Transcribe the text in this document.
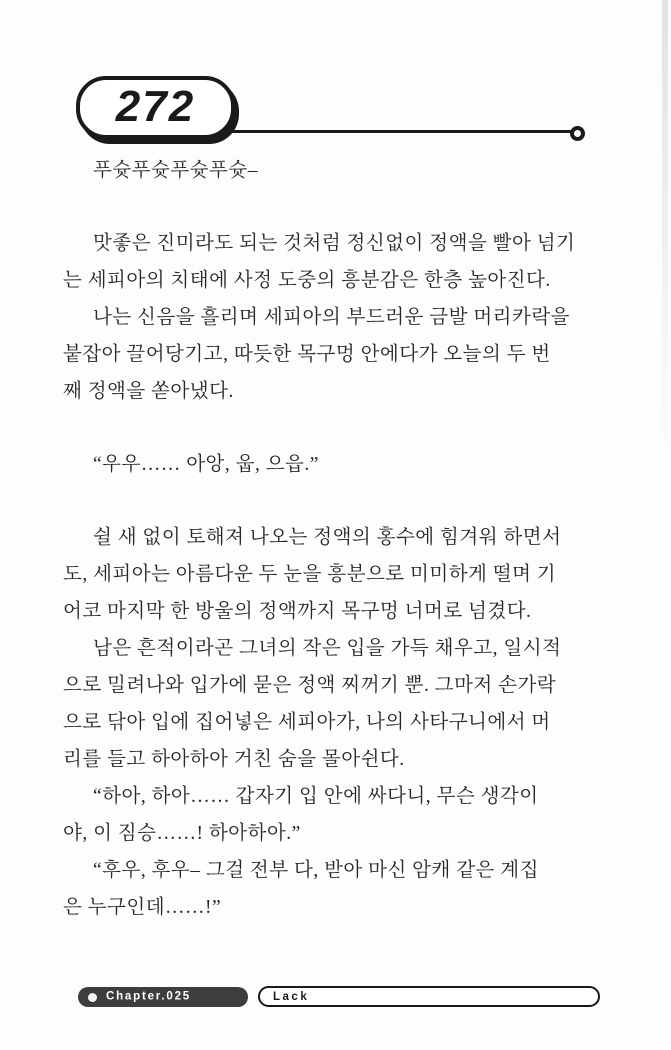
272
푸슛푸슛푸슛푸슛–
맛좋은 진미라도 되는 것처럼 정신없이 정액을 빨아 넘기
는 세피아의 치태에 사정 도중의 흥분감은 한층 높아진다.
나는 신음을 흘리며 세피아의 부드러운 금발 머리카락을
붙잡아 끌어당기고, 따듯한 목구멍 안에다가 오늘의 두 번
째 정액을 쏟아냈다.
“우우…… 아앙, 웁, 으읍.”
쉴 새 없이 토해져 나오는 정액의 홍수에 힘겨워 하면서
도, 세피아는 아름다운 두 눈을 흥분으로 미미하게 떨며 기
어코 마지막 한 방울의 정액까지 목구멍 너머로 넘겼다.
남은 흔적이라곤 그녀의 작은 입을 가득 채우고, 일시적
으로 밀려나와 입가에 묻은 정액 찌꺼기 뿐. 그마저 손가락
으로 닦아 입에 집어넣은 세피아가, 나의 사타구니에서 머
리를 들고 하아하아 거친 숨을 몰아쉰다.
“하아, 하아…… 갑자기 입 안에 싸다니, 무슨 생각이
야, 이 짐승……! 하아하아.”
“후우, 후우– 그걸 전부 다, 받아 마신 암캐 같은 계집
은 누구인데……!”
Chapter.025	Lack
